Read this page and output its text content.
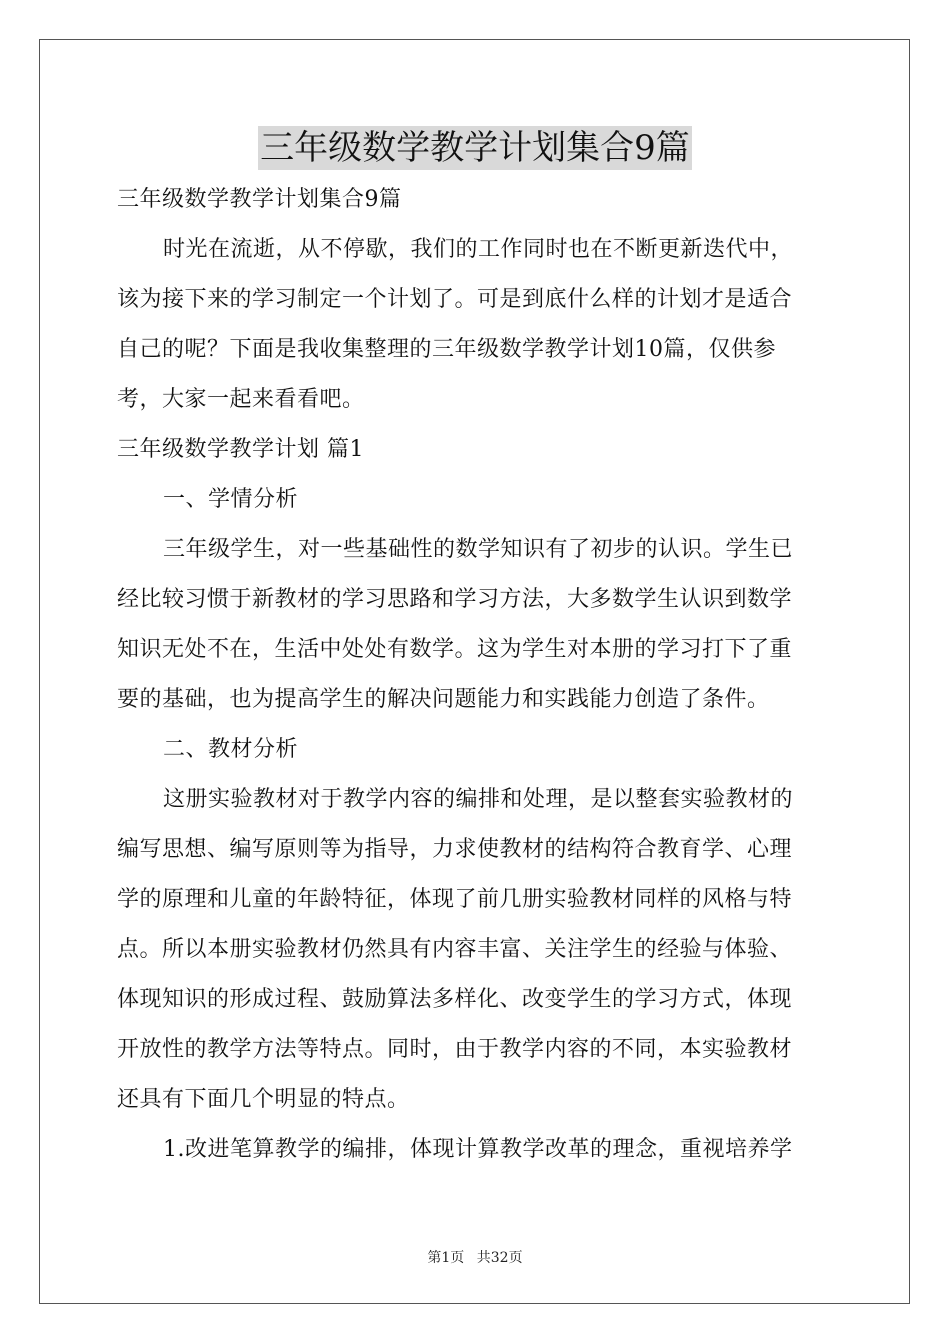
三年级数学教学计划集合9篇
三年级数学教学计划集合9篇
时光在流逝，从不停歇，我们的工作同时也在不断更新迭代中，
该为接下来的学习制定一个计划了。可是到底什么样的计划才是适合
自己的呢？下面是我收集整理的三年级数学教学计划10篇，仅供参
考，大家一起来看看吧。
三年级数学教学计划 篇1
一、学情分析
三年级学生，对一些基础性的数学知识有了初步的认识。学生已
经比较习惯于新教材的学习思路和学习方法，大多数学生认识到数学
知识无处不在，生活中处处有数学。这为学生对本册的学习打下了重
要的基础，也为提高学生的解决问题能力和实践能力创造了条件。
二、教材分析
这册实验教材对于教学内容的编排和处理，是以整套实验教材的
编写思想、编写原则等为指导，力求使教材的结构符合教育学、心理
学的原理和儿童的年龄特征，体现了前几册实验教材同样的风格与特
点。所以本册实验教材仍然具有内容丰富、关注学生的经验与体验、
体现知识的形成过程、鼓励算法多样化、改变学生的学习方式，体现
开放性的教学方法等特点。同时，由于教学内容的不同，本实验教材
还具有下面几个明显的特点。
1.改进笔算教学的编排，体现计算教学改革的理念，重视培养学
第1页 共32页
